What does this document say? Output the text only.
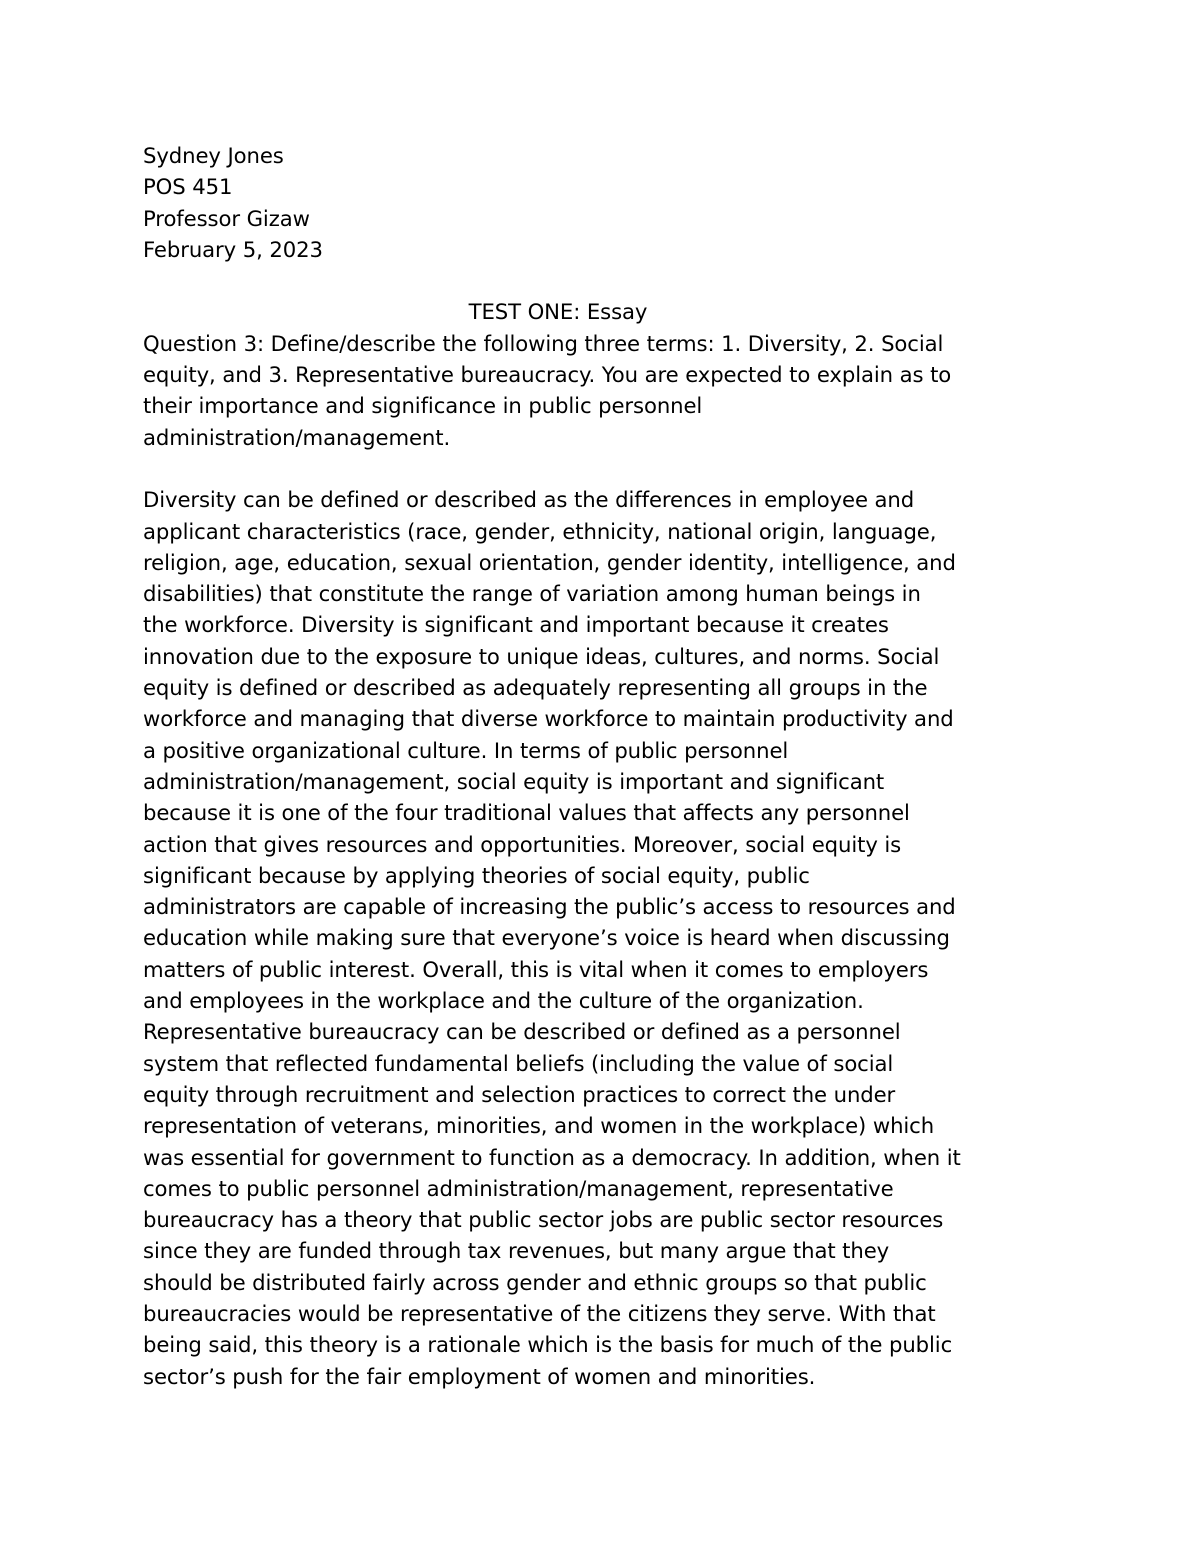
Sydney Jones
POS 451
Professor Gizaw
February 5, 2023
TEST ONE: Essay
Question 3: Define/describe the following three terms: 1. Diversity, 2. Social
equity, and 3. Representative bureaucracy. You are expected to explain as to
their importance and significance in public personnel
administration/management.
Diversity can be defined or described as the differences in employee and
applicant characteristics (race, gender, ethnicity, national origin, language,
religion, age, education, sexual orientation, gender identity, intelligence, and
disabilities) that constitute the range of variation among human beings in
the workforce. Diversity is significant and important because it creates
innovation due to the exposure to unique ideas, cultures, and norms. Social
equity is defined or described as adequately representing all groups in the
workforce and managing that diverse workforce to maintain productivity and
a positive organizational culture. In terms of public personnel
administration/management, social equity is important and significant
because it is one of the four traditional values that affects any personnel
action that gives resources and opportunities. Moreover, social equity is
significant because by applying theories of social equity, public
administrators are capable of increasing the public’s access to resources and
education while making sure that everyone’s voice is heard when discussing
matters of public interest. Overall, this is vital when it comes to employers
and employees in the workplace and the culture of the organization.
Representative bureaucracy can be described or defined as a personnel
system that reflected fundamental beliefs (including the value of social
equity through recruitment and selection practices to correct the under
representation of veterans, minorities, and women in the workplace) which
was essential for government to function as a democracy. In addition, when it
comes to public personnel administration/management, representative
bureaucracy has a theory that public sector jobs are public sector resources
since they are funded through tax revenues, but many argue that they
should be distributed fairly across gender and ethnic groups so that public
bureaucracies would be representative of the citizens they serve. With that
being said, this theory is a rationale which is the basis for much of the public
sector’s push for the fair employment of women and minorities.
